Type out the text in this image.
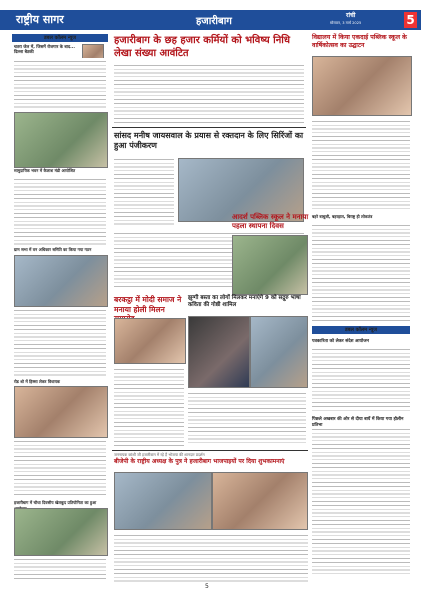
राष्ट्रीय सागर	हजारीबाग
रांची
सोमवार, 3 मार्च 2025	5
डबल कॉलम न्यूज
चतरा जेल में, जिसमें रोजगार के बाद... दिल्ला बैठकी
सामुदायिक भवन में कैलाश मंडी आयोजित
ग्राम सभा में वन अधिकार समिति का किया गया गठन
रोड शो में हिस्सा लेकर विधायक
हजारीबाग में चौथा दिवसीय खेलकूद प्रतियोगिता का हुआ
हजारीबाग के छह हजार कर्मियों को भविष्य निधि लेखा संख्या आवंटित
सांसद मनीष जायसवाल के प्रयास से रक्तदान के लिए सिरिंजों का हुआ पंजीकरण
आदर्श पब्लिक स्कूल ने मनाया पहला स्थापना दिवस
बरकट्ठा में मोदी समाज ने मनाया होली मिलन
झुग्गी बस्ता का लोगों मिलकर मनाएंगे 9 को सद्गुरु भाषा कविता की गोष्ठी शामिल
जननायक कांशी जी हजारीबाग में रहे हैं भोजपा की शानदार प्रदर्शन
बीजेपी के राष्ट्रीय अध्यक्ष के पुत्र ने हजारीबाग भाजपाइयों पर दिया शुभकामनाएं
विद्यालय में किया एकदाई पब्लिक स्कूल के वार्षिकोत्सव का उद्घाटन
बहरे बाबूजी, बहरहाल, बिराष्ट्र ही लोकतंत्र
डबल कॉलम न्यूज
पत्रकारिता को लेकर संदेश आयोजन
पिछले अखबार की ओर से दीया बायें में किया गया होलीन
5
